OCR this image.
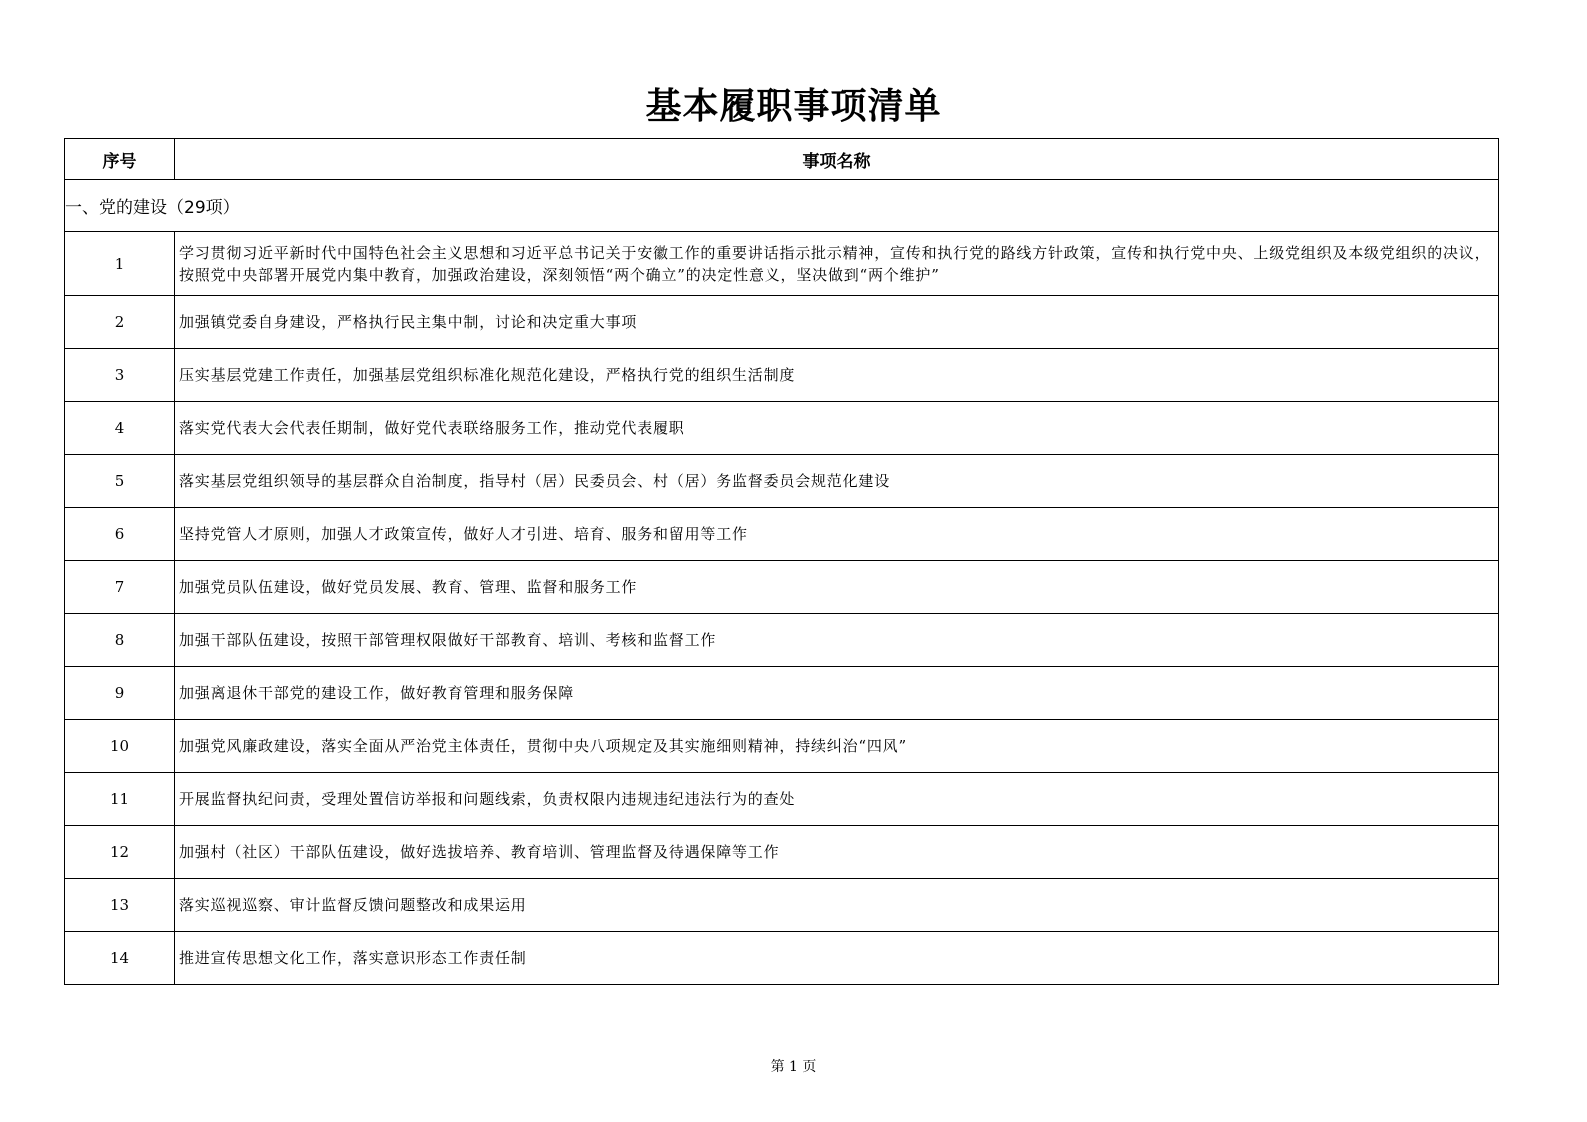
基本履职事项清单
序号	事项名称
一、党的建设（29项）	
1	学习贯彻习近平新时代中国特色社会主义思想和习近平总书记关于安徽工作的重要讲话指示批示精神，宣传和执行党的路线方针政策，宣传和执行党中央、上级党组织及本级党组织的决议，按照党中央部署开展党内集中教育，加强政治建设，深刻领悟“两个确立”的决定性意义，坚决做到“两个维护”
2	加强镇党委自身建设，严格执行民主集中制，讨论和决定重大事项
3	压实基层党建工作责任，加强基层党组织标准化规范化建设，严格执行党的组织生活制度
4	落实党代表大会代表任期制，做好党代表联络服务工作，推动党代表履职
5	落实基层党组织领导的基层群众自治制度，指导村（居）民委员会、村（居）务监督委员会规范化建设
6	坚持党管人才原则，加强人才政策宣传，做好人才引进、培育、服务和留用等工作
7	加强党员队伍建设，做好党员发展、教育、管理、监督和服务工作
8	加强干部队伍建设，按照干部管理权限做好干部教育、培训、考核和监督工作
9	加强离退休干部党的建设工作，做好教育管理和服务保障
10	加强党风廉政建设，落实全面从严治党主体责任，贯彻中央八项规定及其实施细则精神，持续纠治“四风”
11	开展监督执纪问责，受理处置信访举报和问题线索，负责权限内违规违纪违法行为的查处
12	加强村（社区）干部队伍建设，做好选拔培养、教育培训、管理监督及待遇保障等工作
13	落实巡视巡察、审计监督反馈问题整改和成果运用
14	推进宣传思想文化工作，落实意识形态工作责任制
第 1 页
